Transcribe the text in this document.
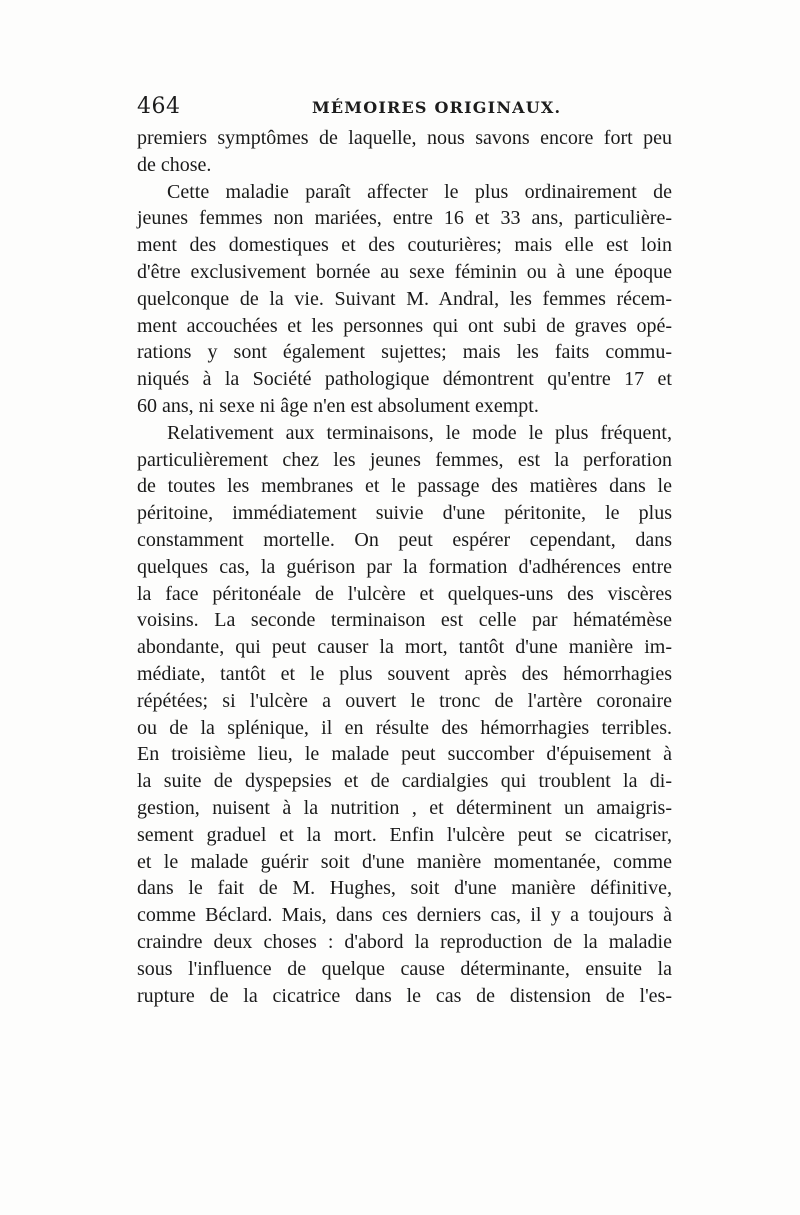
464	MÉMOIRES ORIGINAUX.
premiers symptômes de laquelle, nous savons encore fort peu
de chose.
Cette maladie paraît affecter le plus ordinairement de
jeunes femmes non mariées, entre 16 et 33 ans, particulière-
ment des domestiques et des couturières; mais elle est loin
d'être exclusivement bornée au sexe féminin ou à une époque
quelconque de la vie. Suivant M. Andral, les femmes récem-
ment accouchées et les personnes qui ont subi de graves opé-
rations y sont également sujettes; mais les faits commu-
niqués à la Société pathologique démontrent qu'entre 17 et
60 ans, ni sexe ni âge n'en est absolument exempt.
Relativement aux terminaisons, le mode le plus fréquent,
particulièrement chez les jeunes femmes, est la perforation
de toutes les membranes et le passage des matières dans le
péritoine, immédiatement suivie d'une péritonite, le plus
constamment mortelle. On peut espérer cependant, dans
quelques cas, la guérison par la formation d'adhérences entre
la face péritonéale de l'ulcère et quelques-uns des viscères
voisins. La seconde terminaison est celle par hématémèse
abondante, qui peut causer la mort, tantôt d'une manière im-
médiate, tantôt et le plus souvent après des hémorrhagies
répétées; si l'ulcère a ouvert le tronc de l'artère coronaire
ou de la splénique, il en résulte des hémorrhagies terribles.
En troisième lieu, le malade peut succomber d'épuisement à
la suite de dyspepsies et de cardialgies qui troublent la di-
gestion, nuisent à la nutrition , et déterminent un amaigris-
sement graduel et la mort. Enfin l'ulcère peut se cicatriser,
et le malade guérir soit d'une manière momentanée, comme
dans le fait de M. Hughes, soit d'une manière définitive,
comme Béclard. Mais, dans ces derniers cas, il y a toujours à
craindre deux choses : d'abord la reproduction de la maladie
sous l'influence de quelque cause déterminante, ensuite la
rupture de la cicatrice dans le cas de distension de l'es-
